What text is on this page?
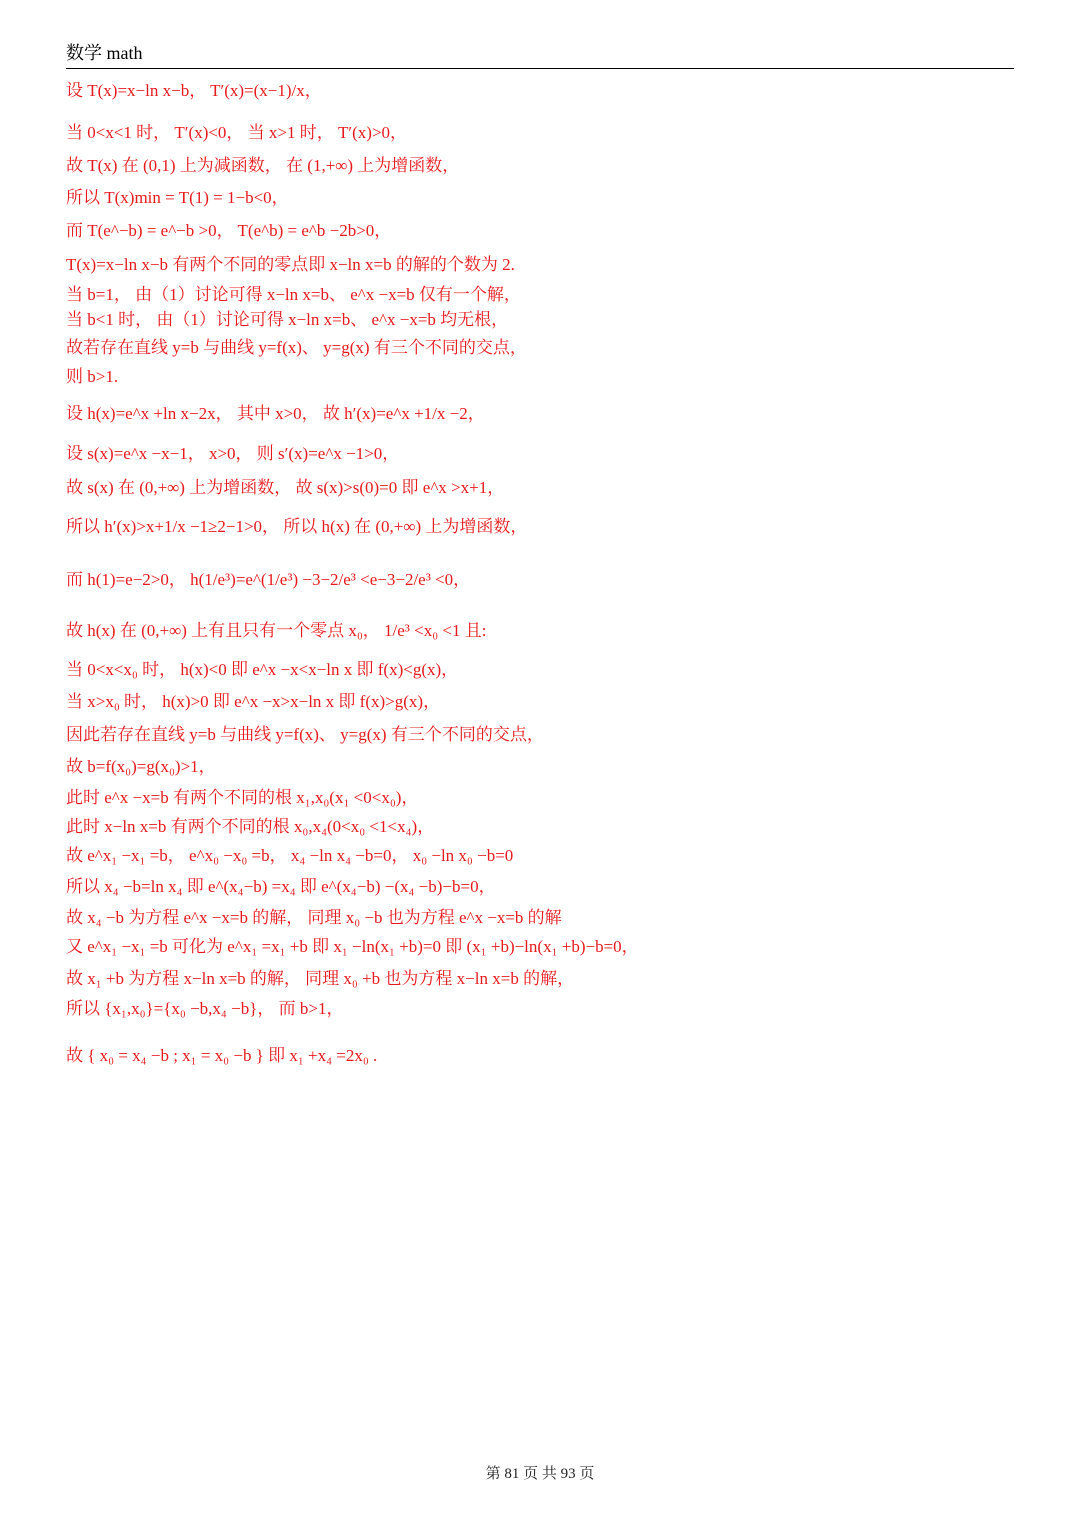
数学 math
设 T(x)=x−ln x−b， T′(x)=(x−1)/x，
当 0<x<1 时， T′(x)<0， 当 x>1 时， T′(x)>0，
故 T(x) 在 (0,1) 上为减函数， 在 (1,+∞) 上为增函数，
所以 T(x)min = T(1) = 1−b<0，
而 T(e^−b) = e^−b >0， T(e^b) = e^b −2b>0，
T(x)=x−ln x−b 有两个不同的零点即 x−ln x=b 的解的个数为 2.
当 b=1， 由（1）讨论可得 x−ln x=b、 e^x −x=b 仅有一个解，
当 b<1 时， 由（1）讨论可得 x−ln x=b、 e^x −x=b 均无根，
故若存在直线 y=b 与曲线 y=f(x)、 y=g(x) 有三个不同的交点，
则 b>1.
设 h(x)=e^x +ln x−2x， 其中 x>0， 故 h′(x)=e^x +1/x −2，
设 s(x)=e^x −x−1， x>0， 则 s′(x)=e^x −1>0，
故 s(x) 在 (0,+∞) 上为增函数， 故 s(x)>s(0)=0 即 e^x >x+1，
所以 h′(x)>x+1/x −1≥2−1>0， 所以 h(x) 在 (0,+∞) 上为增函数，
而 h(1)=e−2>0， h(1/e³)=e^(1/e³) −3−2/e³ <e−3−2/e³ <0，
故 h(x) 在 (0,+∞) 上有且只有一个零点 x₀， 1/e³ <x₀ <1 且:
当 0<x<x₀ 时， h(x)<0 即 e^x −x<x−ln x 即 f(x)<g(x)，
当 x>x₀ 时， h(x)>0 即 e^x −x>x−ln x 即 f(x)>g(x)，
因此若存在直线 y=b 与曲线 y=f(x)、 y=g(x) 有三个不同的交点，
故 b=f(x₀)=g(x₀)>1，
此时 e^x −x=b 有两个不同的根 x₁,x₀(x₁ <0<x₀)，
此时 x−ln x=b 有两个不同的根 x₀,x₄(0<x₀ <1<x₄)，
故 e^x₁ −x₁ =b， e^x₀ −x₀ =b， x₄ −ln x₄ −b=0， x₀ −ln x₀ −b=0
所以 x₄ −b=ln x₄ 即 e^(x₄−b) =x₄ 即 e^(x₄−b) −(x₄ −b)−b=0，
故 x₄ −b 为方程 e^x −x=b 的解， 同理 x₀ −b 也为方程 e^x −x=b 的解
又 e^x₁ −x₁ =b 可化为 e^x₁ =x₁ +b 即 x₁ −ln(x₁ +b)=0 即 (x₁ +b)−ln(x₁ +b)−b=0，
故 x₁ +b 为方程 x−ln x=b 的解， 同理 x₀ +b 也为方程 x−ln x=b 的解，
所以 {x₁,x₀}={x₀ −b,x₄ −b}， 而 b>1，
故 { x₀ = x₄ −b ; x₁ = x₀ −b } 即 x₁ +x₄ =2x₀ .
第 81 页 共 93 页
